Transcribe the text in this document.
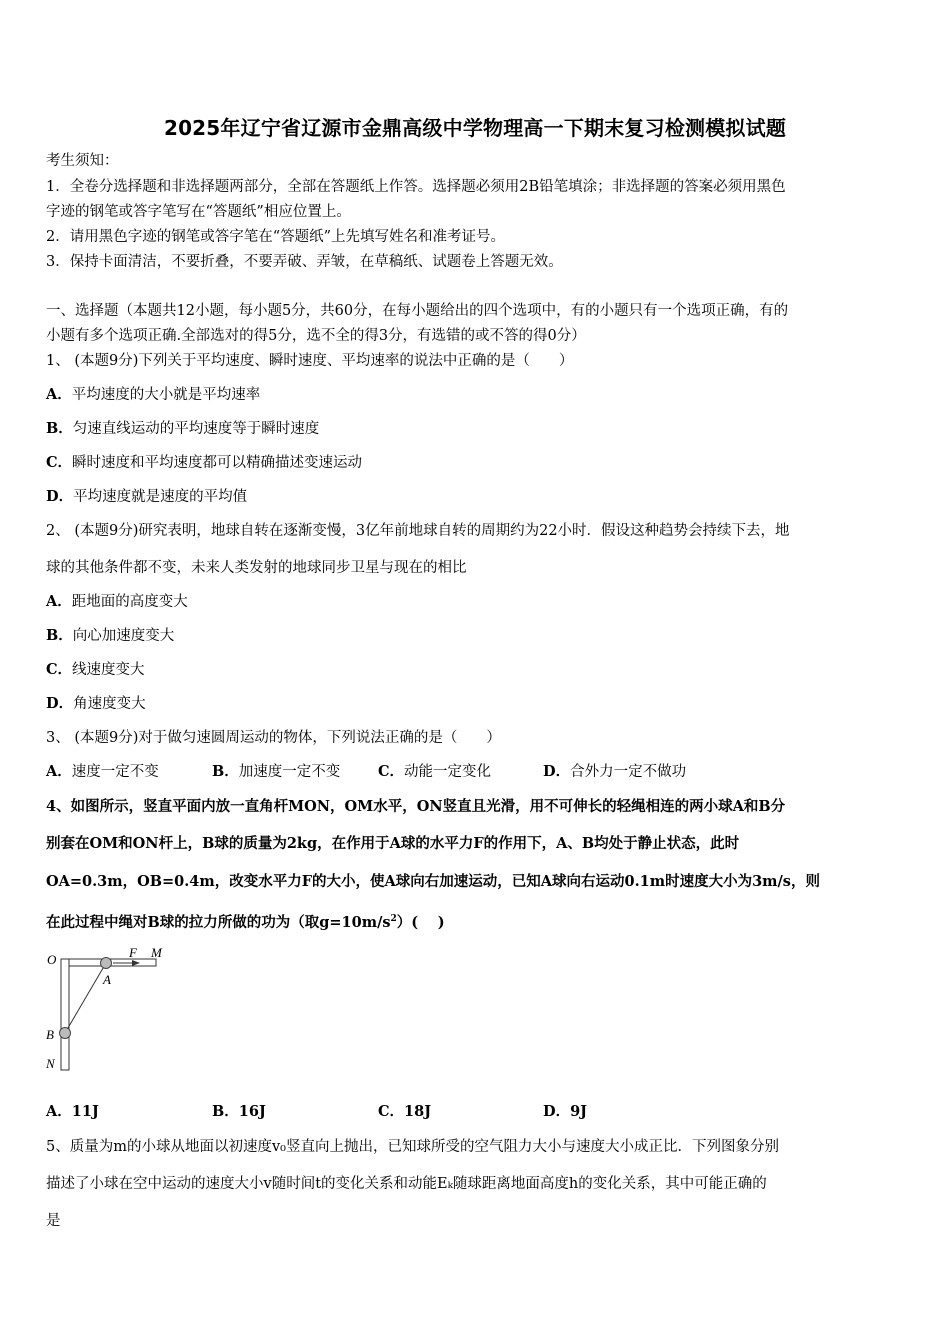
2025年辽宁省辽源市金鼎高级中学物理高一下期末复习检测模拟试题
考生须知：
1．全卷分选择题和非选择题两部分，全部在答题纸上作答。选择题必须用2B铅笔填涂；非选择题的答案必须用黑色
字迹的钢笔或答字笔写在“答题纸”相应位置上。
2．请用黑色字迹的钢笔或答字笔在“答题纸”上先填写姓名和准考证号。
3．保持卡面清洁，不要折叠，不要弄破、弄皱，在草稿纸、试题卷上答题无效。
一、选择题（本题共12小题，每小题5分，共60分，在每小题给出的四个选项中，有的小题只有一个选项正确，有的
小题有多个选项正确.全部选对的得5分，选不全的得3分，有选错的或不答的得0分）
1、 (本题9分)下列关于平均速度、瞬时速度、平均速率的说法中正确的是（　　）
A．平均速度的大小就是平均速率
B．匀速直线运动的平均速度等于瞬时速度
C．瞬时速度和平均速度都可以精确描述变速运动
D．平均速度就是速度的平均值
2、 (本题9分)研究表明，地球自转在逐渐变慢，3亿年前地球自转的周期约为22小时．假设这种趋势会持续下去，地
球的其他条件都不变，未来人类发射的地球同步卫星与现在的相比
A．距地面的高度变大
B．向心加速度变大
C．线速度变大
D．角速度变大
3、 (本题9分)对于做匀速圆周运动的物体，下列说法正确的是（　　）
A．速度一定不变	B．加速度一定不变	C．动能一定变化	D．合外力一定不做功
4、如图所示，竖直平面内放一直角杆MON，OM水平，ON竖直且光滑，用不可伸长的轻绳相连的两小球A和B分
别套在OM和ON杆上，B球的质量为2kg，在作用于A球的水平力F的作用下，A、B均处于静止状态，此时
OA=0.3m，OB=0.4m，改变水平力F的大小，使A球向右加速运动，已知A球向右运动0.1m时速度大小为3m/s，则
在此过程中绳对B球的拉力所做的功为（取$g=10m/s^2$）(　 )
O	F M
A
B
N
A．11J	B．16J	C．18J	D．9J
5、质量为m的小球从地面以初速度v₀竖直向上抛出，已知球所受的空气阻力大小与速度大小成正比．下列图象分别
描述了小球在空中运动的速度大小v随时间t的变化关系和动能Eₖ随球距离地面高度h的变化关系，其中可能正确的
是
